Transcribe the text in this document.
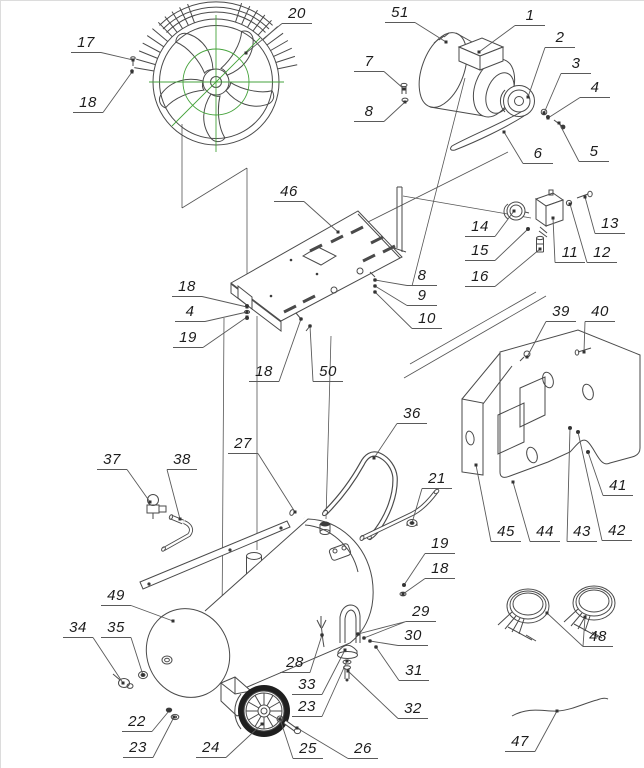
20
17
18
51	1
2
3
4
5
6
7
8
46
14
15
16
11 12
13
8
9
10
18
4
19
18	50
39	40
36
27
21
37	38
41
45	44	43	42
19
18
49
29
30
31
34	35
28
33
23	32
22
23	24	25	26
48
47
